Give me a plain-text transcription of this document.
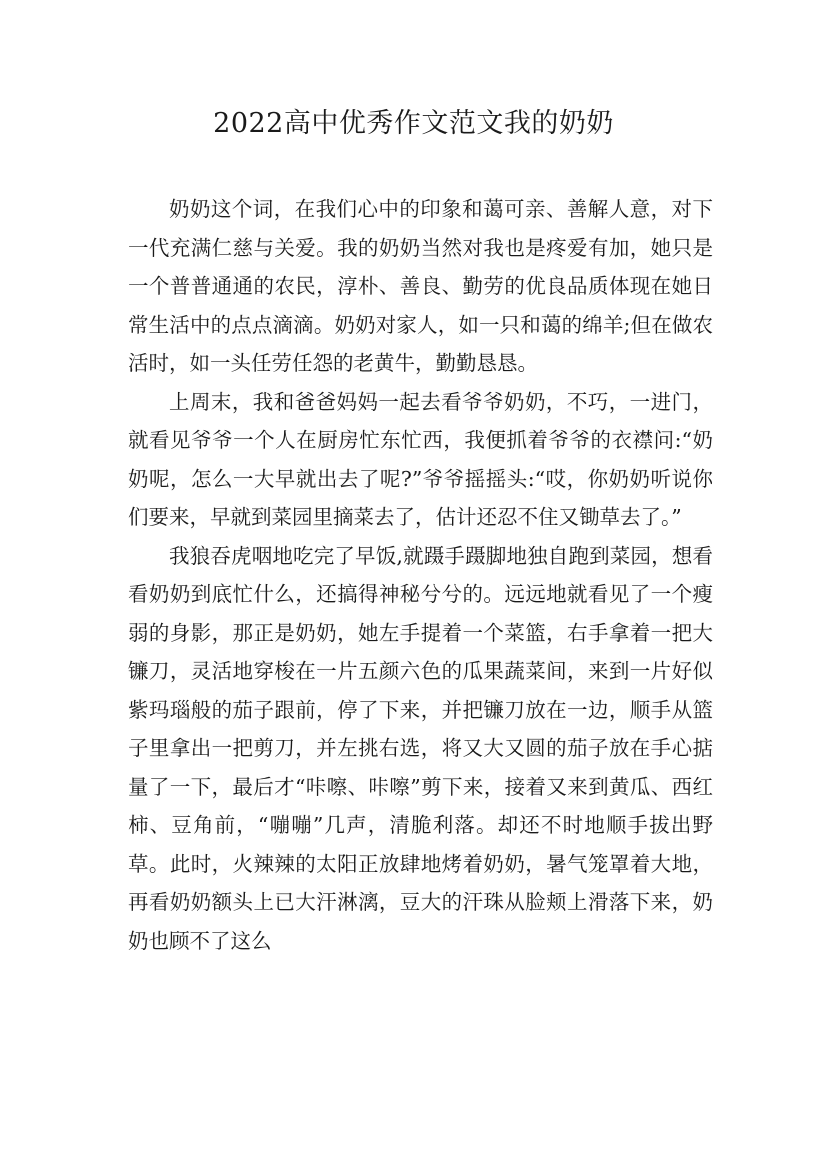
2022高中优秀作文范文我的奶奶

奶奶这个词，在我们心中的印象和蔼可亲、善解人意，对下一代充满仁慈与关爱。我的奶奶当然对我也是疼爱有加，她只是一个普普通通的农民，淳朴、善良、勤劳的优良品质体现在她日常生活中的点点滴滴。奶奶对家人，如一只和蔼的绵羊;但在做农活时，如一头任劳任怨的老黄牛，勤勤恳恳。

上周末，我和爸爸妈妈一起去看爷爷奶奶，不巧，一进门，就看见爷爷一个人在厨房忙东忙西，我便抓着爷爷的衣襟问:“奶奶呢，怎么一大早就出去了呢?”爷爷摇摇头:“哎，你奶奶听说你们要来，早就到菜园里摘菜去了，估计还忍不住又锄草去了。”

我狼吞虎咽地吃完了早饭,就蹑手蹑脚地独自跑到菜园，想看看奶奶到底忙什么，还搞得神秘兮兮的。远远地就看见了一个瘦弱的身影，那正是奶奶，她左手提着一个菜篮，右手拿着一把大镰刀，灵活地穿梭在一片五颜六色的瓜果蔬菜间，来到一片好似紫玛瑙般的茄子跟前，停了下来，并把镰刀放在一边，顺手从篮子里拿出一把剪刀，并左挑右选，将又大又圆的茄子放在手心掂量了一下，最后才“咔嚓、咔嚓”剪下来，接着又来到黄瓜、西红柿、豆角前，“嘣嘣”几声，清脆利落。却还不时地顺手拔出野草。此时，火辣辣的太阳正放肆地烤着奶奶，暑气笼罩着大地，再看奶奶额头上已大汗淋漓，豆大的汗珠从脸颊上滑落下来，奶奶也顾不了这么
